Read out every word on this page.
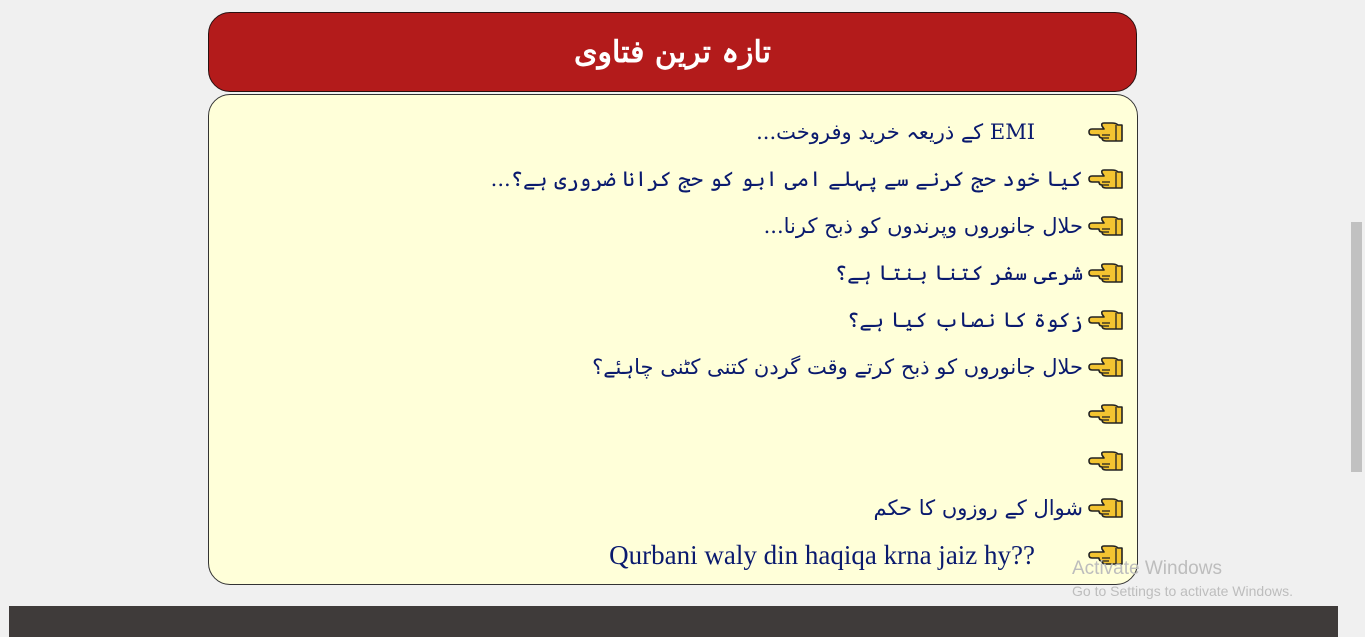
تازہ ترین فتاوی
EMI کے ذریعہ خرید وفروخت...
کیا خود حج کرنے سے پہلے امی ابو کو حج کرانا ضروری ہے؟...
حلال جانوروں وپرندوں کو ذبح کرنا...
شرعی سفر کتنا بنتا ہے؟
زکوۃ کا نصاب کیا ہے؟
حلال جانوروں کو ذبح کرتے وقت گردن کتنی کٹنی چاہئے؟
شوال کے روزوں کا حکم
Qurbani waly din haqiqa krna jaiz hy?? Activate Windows
Go to Settings to activate Windows.
